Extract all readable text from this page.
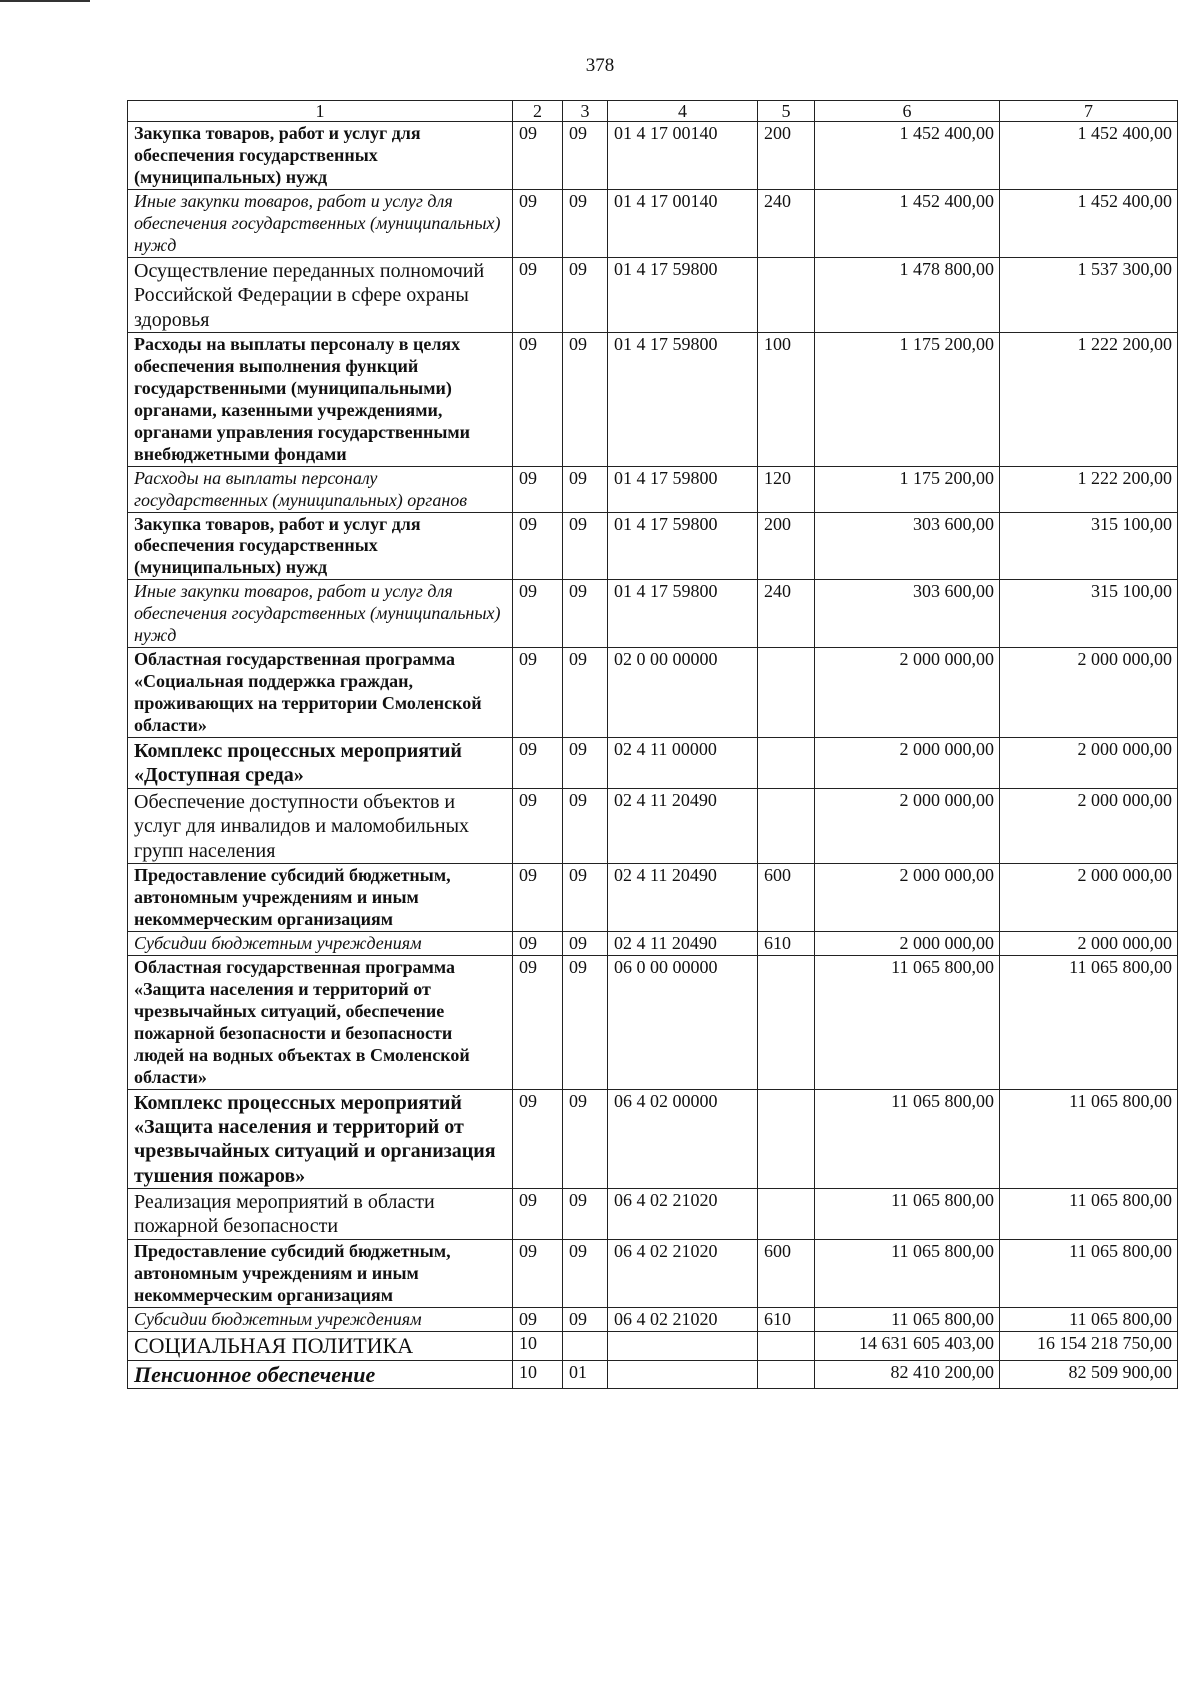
378
1	2	3	4	5	6	7
Закупка товаров, работ и услуг для обеспечения государственных (муниципальных) нужд	09	09	01 4 17 00140	200	1 452 400,00	1 452 400,00
Иные закупки товаров, работ и услуг для обеспечения государственных (муниципальных) нужд	09	09	01 4 17 00140	240	1 452 400,00	1 452 400,00
Осуществление переданных полномочий Российской Федерации в сфере охраны здоровья	09	09	01 4 17 59800		1 478 800,00	1 537 300,00
Расходы на выплаты персоналу в целях обеспечения выполнения функций государственными (муниципальными) органами, казенными учреждениями, органами управления государственными внебюджетными фондами	09	09	01 4 17 59800	100	1 175 200,00	1 222 200,00
Расходы на выплаты персоналу государственных (муниципальных) органов	09	09	01 4 17 59800	120	1 175 200,00	1 222 200,00
Закупка товаров, работ и услуг для обеспечения государственных (муниципальных) нужд	09	09	01 4 17 59800	200	303 600,00	315 100,00
Иные закупки товаров, работ и услуг для обеспечения государственных (муниципальных) нужд	09	09	01 4 17 59800	240	303 600,00	315 100,00
Областная государственная программа «Социальная поддержка граждан, проживающих на территории Смоленской области»	09	09	02 0 00 00000		2 000 000,00	2 000 000,00
Комплекс процессных мероприятий «Доступная среда»	09	09	02 4 11 00000		2 000 000,00	2 000 000,00
Обеспечение доступности объектов и услуг для инвалидов и маломобильных групп населения	09	09	02 4 11 20490		2 000 000,00	2 000 000,00
Предоставление субсидий бюджетным, автономным учреждениям и иным некоммерческим организациям	09	09	02 4 11 20490	600	2 000 000,00	2 000 000,00
Субсидии бюджетным учреждениям	09	09	02 4 11 20490	610	2 000 000,00	2 000 000,00
Областная государственная программа «Защита населения и территорий от чрезвычайных ситуаций, обеспечение пожарной безопасности и безопасности людей на водных объектах в Смоленской области»	09	09	06 0 00 00000		11 065 800,00	11 065 800,00
Комплекс процессных мероприятий «Защита населения и территорий от чрезвычайных ситуаций и организация тушения пожаров»	09	09	06 4 02 00000		11 065 800,00	11 065 800,00
Реализация мероприятий в области пожарной безопасности	09	09	06 4 02 21020		11 065 800,00	11 065 800,00
Предоставление субсидий бюджетным, автономным учреждениям и иным некоммерческим организациям	09	09	06 4 02 21020	600	11 065 800,00	11 065 800,00
Субсидии бюджетным учреждениям	09	09	06 4 02 21020	610	11 065 800,00	11 065 800,00
СОЦИАЛЬНАЯ ПОЛИТИКА	10				14 631 605 403,00	16 154 218 750,00
Пенсионное обеспечение	10	01			82 410 200,00	82 509 900,00
